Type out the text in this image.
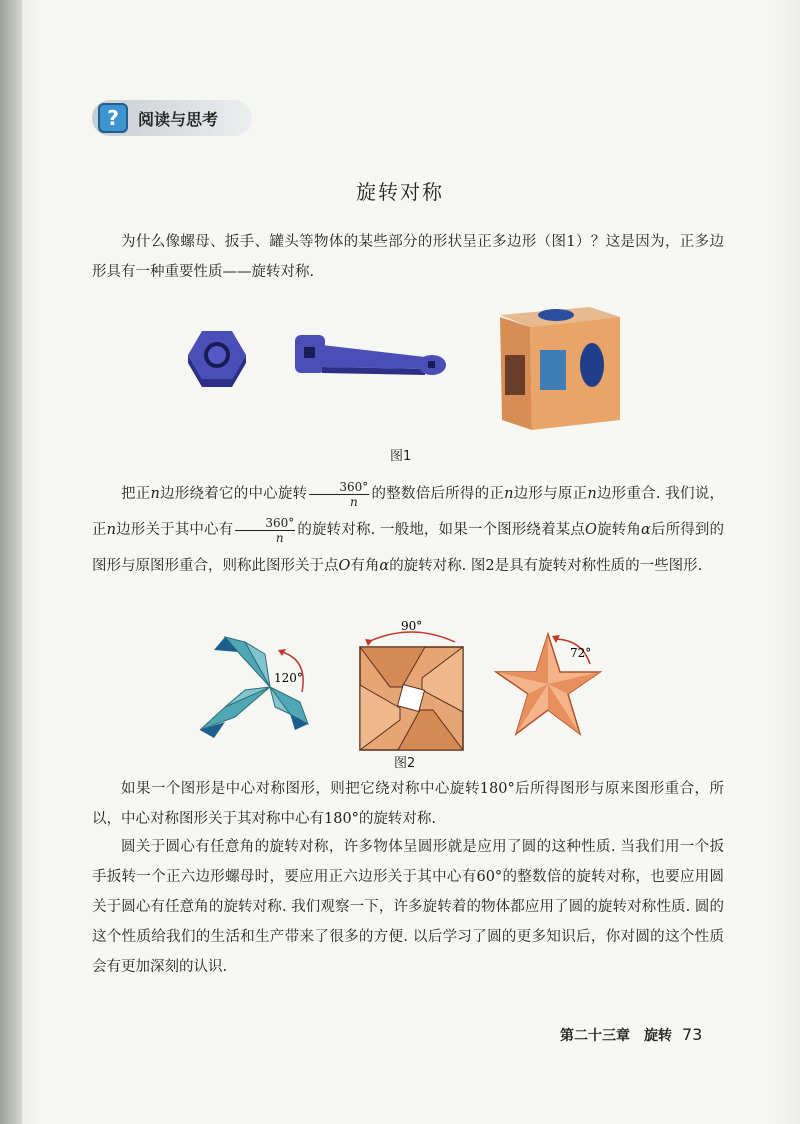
?	阅读与思考
旋转对称
为什么像螺母、扳手、罐头等物体的某些部分的形状呈正多边形（图1）？这是因为，正多边形具有一种重要性质——旋转对称.
图1
把正n边形绕着它的中心旋转 $\frac{360^\circ}{n}$ 的整数倍后所得的正n边形与原正n边形重合. 我们说，正n边形关于其中心有 $\frac{360^\circ}{n}$ 的旋转对称. 一般地，如果一个图形绕着某点O旋转角α后所得到的图形与原图形重合，则称此图形关于点O有角α的旋转对称. 图2是具有旋转对称性质的一些图形.
120°
90°
72°
图2
如果一个图形是中心对称图形，则把它绕对称中心旋转180°后所得图形与原来图形重合，所以，中心对称图形关于其对称中心有180°的旋转对称.
圆关于圆心有任意角的旋转对称，许多物体呈圆形就是应用了圆的这种性质. 当我们用一个扳手扳转一个正六边形螺母时，要应用正六边形关于其中心有60°的整数倍的旋转对称，也要应用圆关于圆心有任意角的旋转对称. 我们观察一下，许多旋转着的物体都应用了圆的旋转对称性质. 圆的这个性质给我们的生活和生产带来了很多的方便. 以后学习了圆的更多知识后，你对圆的这个性质会有更加深刻的认识.
第二十三章　旋转 73
